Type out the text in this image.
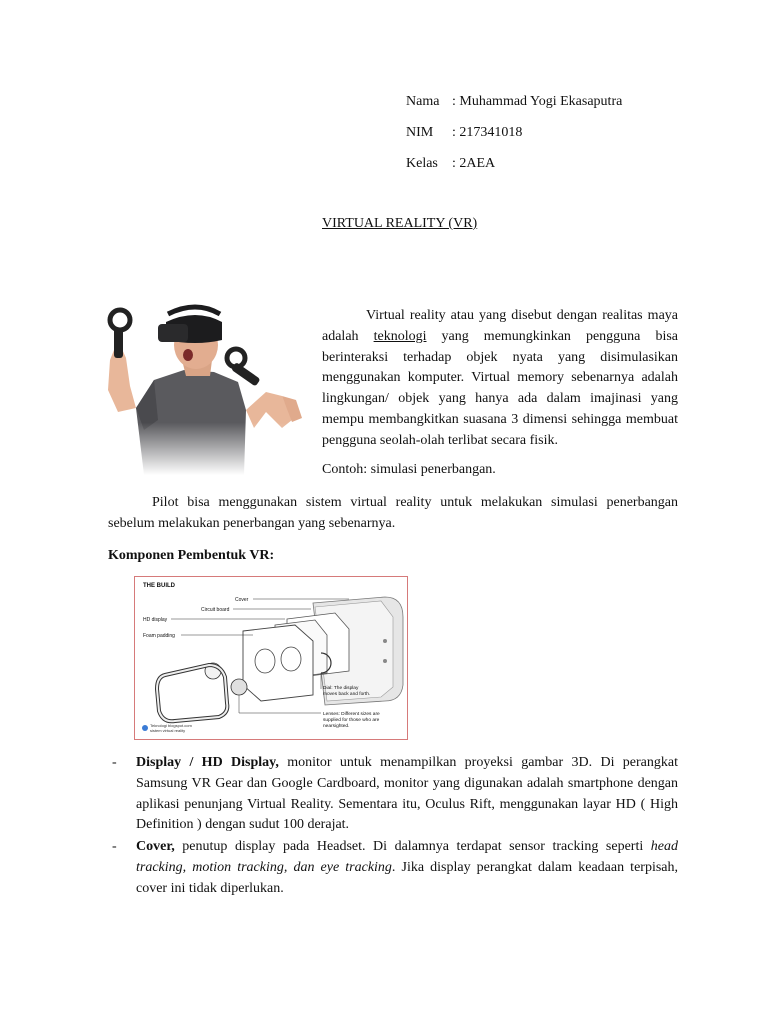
Nama : Muhammad Yogi Ekasaputra
NIM : 217341018
Kelas : 2AEA
VIRTUAL REALITY (VR)

Virtual reality atau yang disebut dengan realitas maya adalah teknologi yang memungkinkan pengguna bisa berinteraksi terhadap objek nyata yang disimulasikan menggunakan komputer. Virtual memory sebenarnya adalah lingkungan/ objek yang hanya ada dalam imajinasi yang mempu membangkitkan suasana 3 dimensi sehingga membuat pengguna seolah-olah terlibat secara fisik.

Contoh: simulasi penerbangan.

Pilot bisa menggunakan sistem virtual reality untuk melakukan simulasi penerbangan sebelum melakukan penerbangan yang sebenarnya.

Komponen Pembentuk VR:
THE BUILD
Cover
Circuit board
HD display
Foam padding
Dial: The display
moves back and forth.
Lenses: Different sizes are
supplied for those who are
nearsighted.
Teknologi blogspot.com
sistem virtual reality
- Display / HD Display, monitor untuk menampilkan proyeksi gambar 3D. Di perangkat Samsung VR Gear dan Google Cardboard, monitor yang digunakan adalah smartphone dengan aplikasi penunjang Virtual Reality. Sementara itu, Oculus Rift, menggunakan layar HD ( High Definition ) dengan sudut 100 derajat.
- Cover, penutup display pada Headset. Di dalamnya terdapat sensor tracking seperti head tracking, motion tracking, dan eye tracking. Jika display perangkat dalam keadaan terpisah, cover ini tidak diperlukan.
